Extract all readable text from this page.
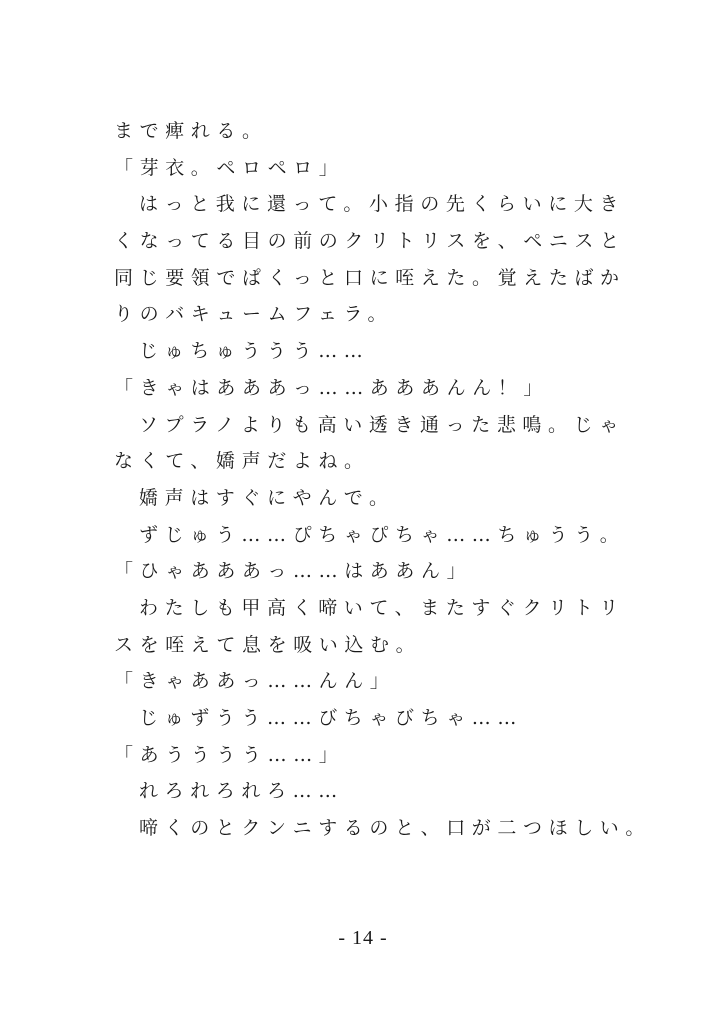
まで痺れる。
「芽衣。ペロペロ」
はっと我に還って。小指の先くらいに大き
くなってる目の前のクリトリスを、ペニスと
同じ要領でぱくっと口に咥えた。覚えたばか
りのバキュームフェラ。
じゅちゅううう……
「きゃはあああっ……あああんん！」
ソプラノよりも高い透き通った悲鳴。じゃ
なくて、嬌声だよね。
嬌声はすぐにやんで。
ずじゅう……ぴちゃぴちゃ……ちゅうう。
「ひゃあああっ……はああん」
わたしも甲高く啼いて、またすぐクリトリ
スを咥えて息を吸い込む。
「きゃああっ……んん」
じゅずうう……びちゃびちゃ……
「あうううう……」
れろれろれろ……
啼くのとクンニするのと、口が二つほしい。
- 14 -
